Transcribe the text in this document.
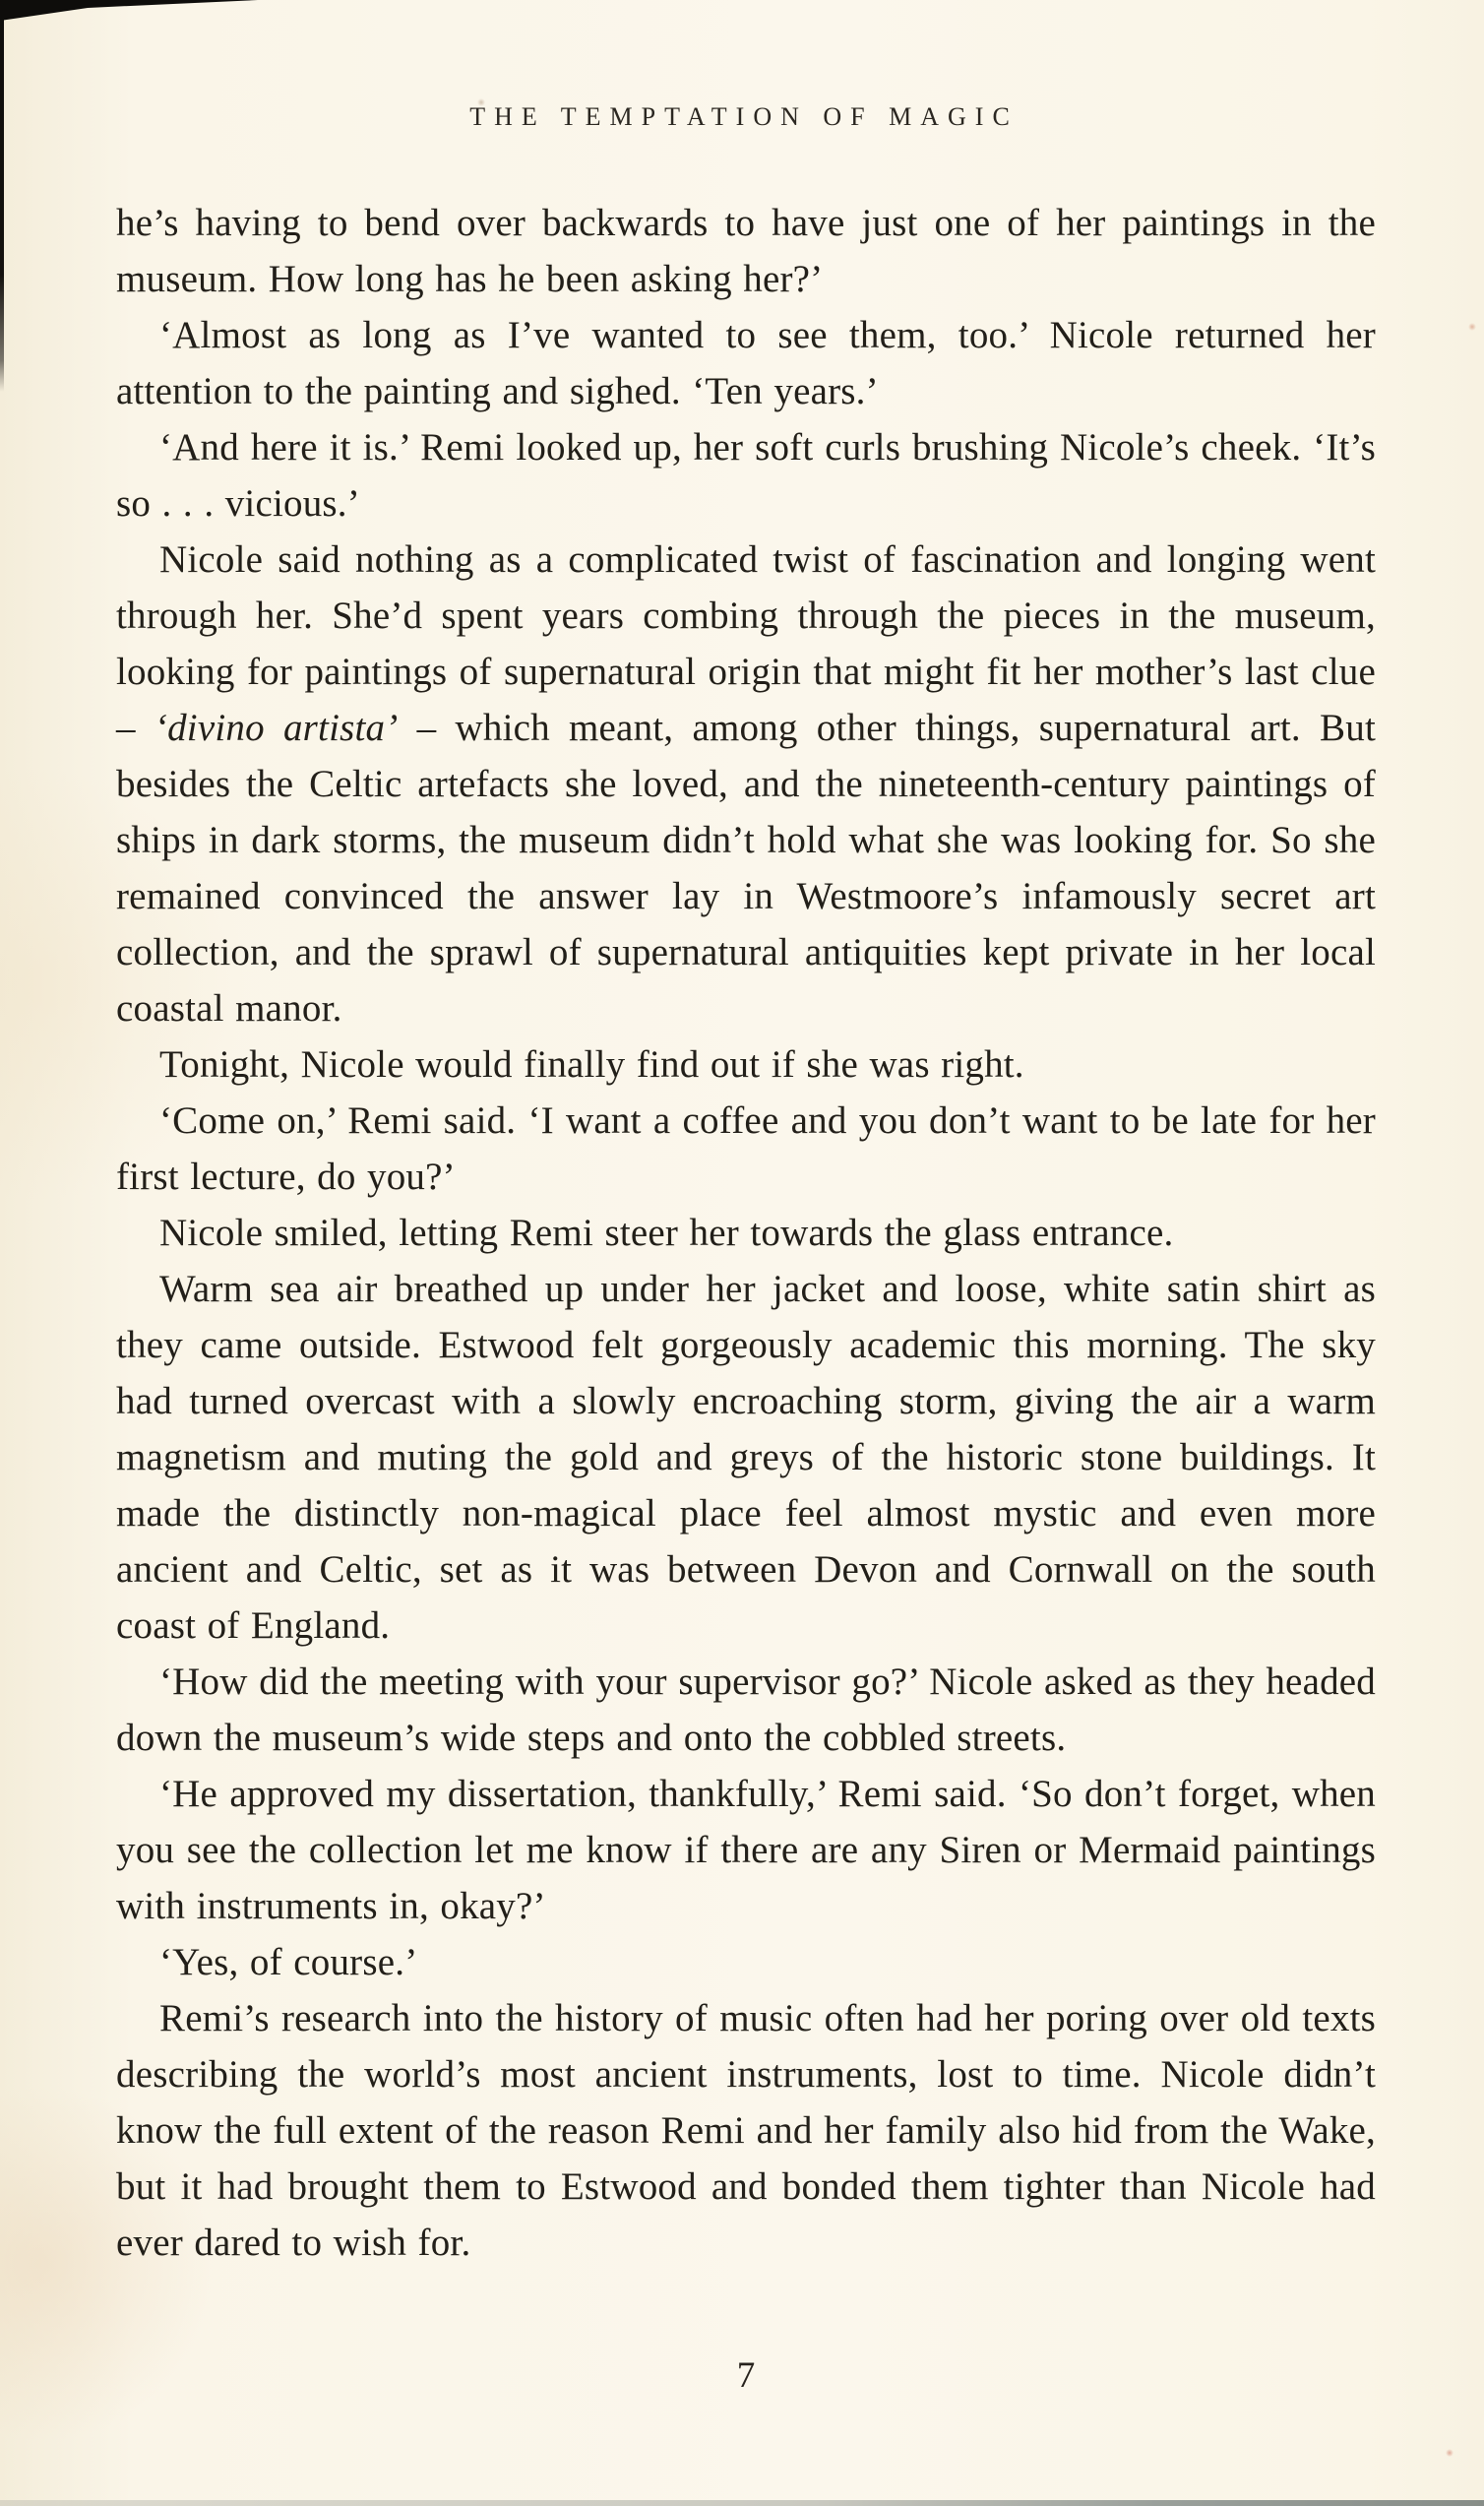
THE TEMPTATION OF MAGIC

he’s having to bend over backwards to have just one of her paintings in the museum. How long has he been asking her?’

‘Almost as long as I’ve wanted to see them, too.’ Nicole returned her attention to the painting and sighed. ‘Ten years.’

‘And here it is.’ Remi looked up, her soft curls brushing Nicole’s cheek. ‘It’s so . . . vicious.’

Nicole said nothing as a complicated twist of fascination and longing went through her. She’d spent years combing through the pieces in the museum, looking for paintings of supernatural origin that might fit her mother’s last clue – ‘divino artista’ – which meant, among other things, supernatural art. But besides the Celtic artefacts she loved, and the nineteenth-century paintings of ships in dark storms, the museum didn’t hold what she was looking for. So she remained convinced the answer lay in Westmoore’s infamously secret art collection, and the sprawl of supernatural antiquities kept private in her local coastal manor.

Tonight, Nicole would finally find out if she was right.

‘Come on,’ Remi said. ‘I want a coffee and you don’t want to be late for her first lecture, do you?’

Nicole smiled, letting Remi steer her towards the glass entrance.

Warm sea air breathed up under her jacket and loose, white satin shirt as they came outside. Estwood felt gorgeously academic this morning. The sky had turned overcast with a slowly encroaching storm, giving the air a warm magnetism and muting the gold and greys of the historic stone buildings. It made the distinctly non-magical place feel almost mystic and even more ancient and Celtic, set as it was between Devon and Cornwall on the south coast of England.

‘How did the meeting with your supervisor go?’ Nicole asked as they headed down the museum’s wide steps and onto the cobbled streets.

‘He approved my dissertation, thankfully,’ Remi said. ‘So don’t forget, when you see the collection let me know if there are any Siren or Mermaid paintings with instruments in, okay?’

‘Yes, of course.’

Remi’s research into the history of music often had her poring over old texts describing the world’s most ancient instruments, lost to time. Nicole didn’t know the full extent of the reason Remi and her family also hid from the Wake, but it had brought them to Estwood and bonded them tighter than Nicole had ever dared to wish for.

7
